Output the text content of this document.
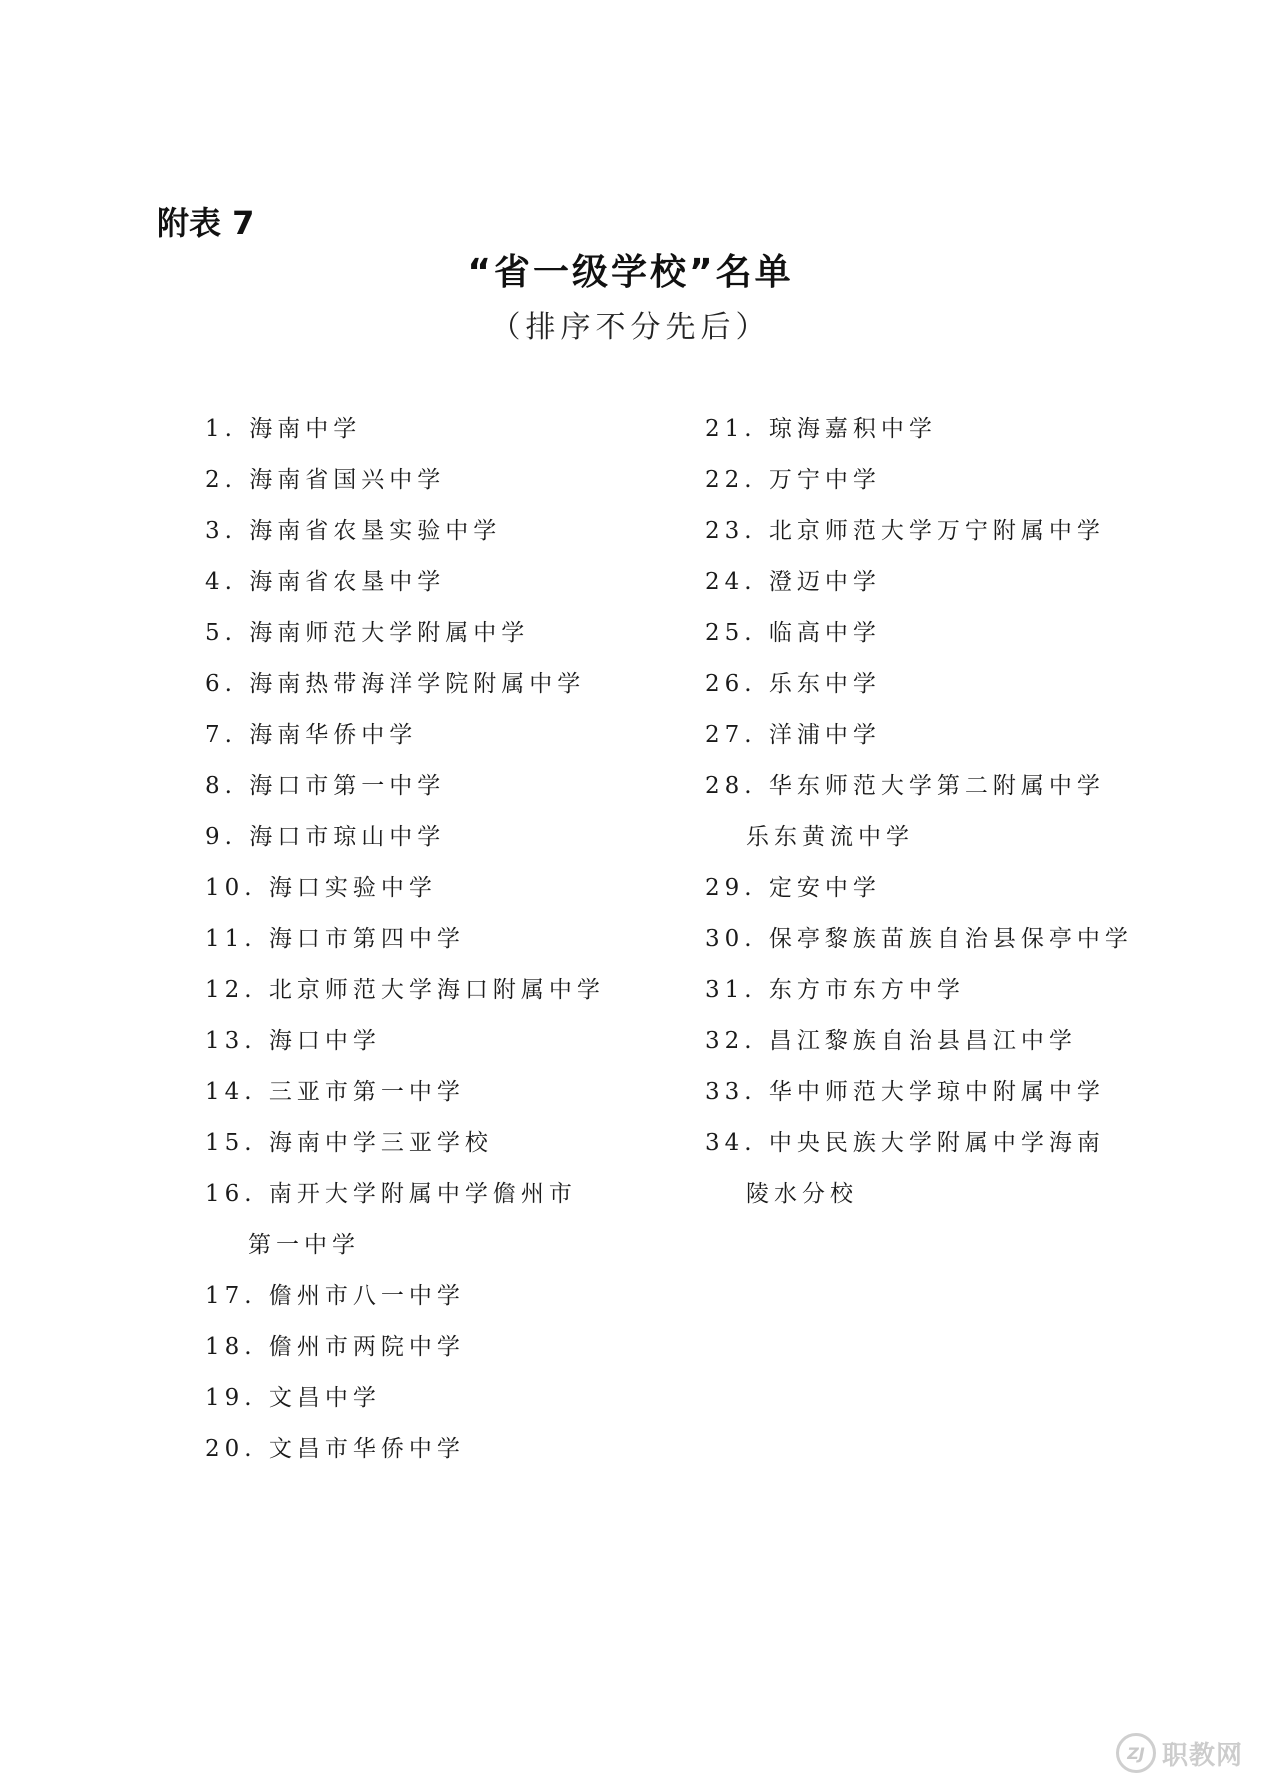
附表 7
“省一级学校”名单
（排序不分先后）
1. 海南中学
2. 海南省国兴中学
3. 海南省农垦实验中学
4. 海南省农垦中学
5. 海南师范大学附属中学
6. 海南热带海洋学院附属中学
7. 海南华侨中学
8. 海口市第一中学
9. 海口市琼山中学
10. 海口实验中学
11. 海口市第四中学
12. 北京师范大学海口附属中学
13. 海口中学
14. 三亚市第一中学
15. 海南中学三亚学校
16. 南开大学附属中学儋州市
第一中学
17. 儋州市八一中学
18. 儋州市两院中学
19. 文昌中学
20. 文昌市华侨中学
21. 琼海嘉积中学
22. 万宁中学
23. 北京师范大学万宁附属中学
24. 澄迈中学
25. 临高中学
26. 乐东中学
27. 洋浦中学
28. 华东师范大学第二附属中学
乐东黄流中学
29. 定安中学
30. 保亭黎族苗族自治县保亭中学
31. 东方市东方中学
32. 昌江黎族自治县昌江中学
33. 华中师范大学琼中附属中学
34. 中央民族大学附属中学海南
陵水分校
ZJ 职教网
